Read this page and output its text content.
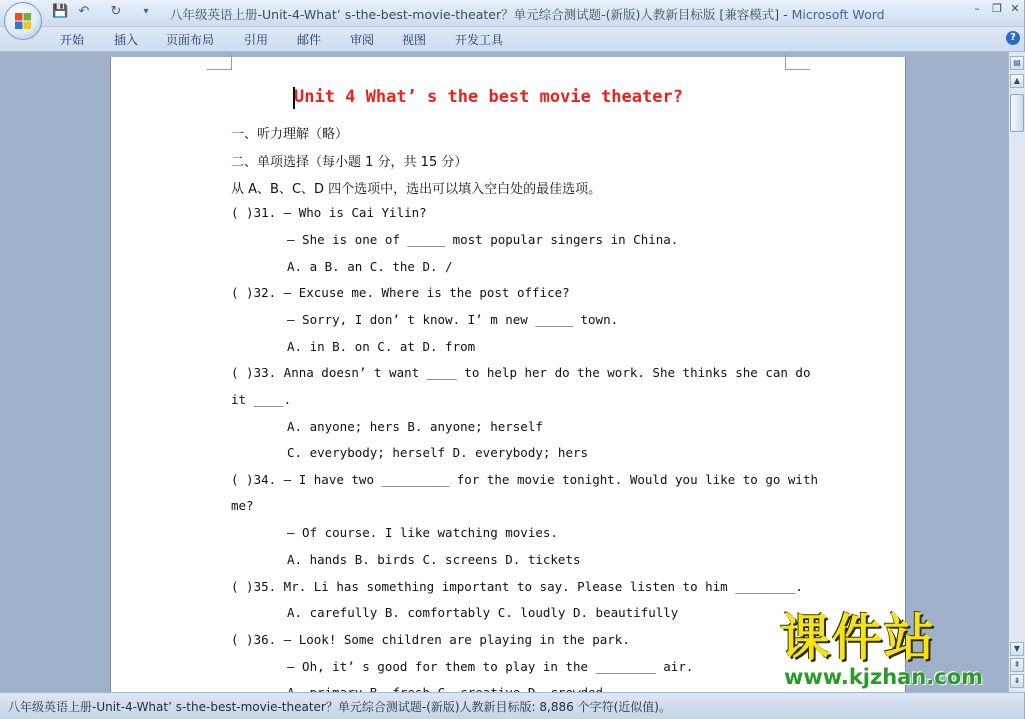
💾 ↶ ↻	▾	八年级英语上册-Unit-4-What’ s-the-best-movie-theater？单元综合测试题-(新版)人教新目标版 [兼容模式] - Microsoft Word	–	❐ ✕
开始 插入 页面布局 引用 邮件 审阅 视图 开发工具	?
Unit 4 What’ s the best movie theater?
一、听力理解（略）
二、单项选择（每小题 1 分，共 15 分）
从 A、B、C、D 四个选项中，选出可以填入空白处的最佳选项。
( )31. — Who is Cai Yilin?
— She is one of _____ most popular singers in China.
A. a B. an C. the D. /
( )32. — Excuse me. Where is the post office?
— Sorry, I don’ t know. I’ m new _____ town.
A. in B. on C. at D. from
( )33. Anna doesn’ t want ____ to help her do the work. She thinks she can do
it ____.
A. anyone; hers B. anyone; herself
C. everybody; herself D. everybody; hers
( )34. — I have two _________ for the movie tonight. Would you like to go with
me?
— Of course. I like watching movies.
A. hands B. birds C. screens D. tickets
( )35. Mr. Li has something important to say. Please listen to him ________.
A. carefully B. comfortably C. loudly D. beautifully
( )36. — Look! Some children are playing in the park.
— Oh, it’ s good for them to play in the ________ air.
▤
▲
▼
⇞
⇟
八年级英语上册-Unit-4-What’ s-the-best-movie-theater？单元综合测试题-(新版)人教新目标版: 8,886 个字符(近似值)。
课件站
www.kjzhan.com
